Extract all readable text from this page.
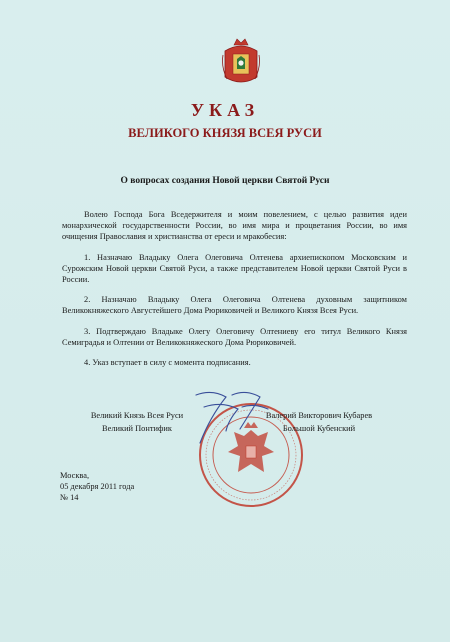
УКАЗ
ВЕЛИКОГО КНЯЗЯ ВСЕЯ РУСИ
О вопросах создания Новой церкви Святой Руси

Волею Господа Бога Вседержителя и моим повелением, с целью развития идеи монархической государственности России, во имя мира и процветания России, во имя очищения Православия и христианства от ереси и мракобесия:

1. Назначаю Владыку Олега Олеговича Олтенева архиепископом Московским и Сурожским Новой церкви Святой Руси, а также представителем Новой церкви Святой Руси в России.

2. Назначаю Владыку Олега Олеговича Олтенева духовным защитником Великокняжеского Августейшего Дома Рюриковичей и Великого Князя Всея Руси.

3. Подтверждаю Владыке Олегу Олеговичу Олтениеву его титул Великого Князя Семиградья и Олтении от Великокняжеского Дома Рюриковичей.

4. Указ вступает в силу с момента подписания.

Великий Князь Всея Руси
Великий Понтифик
Валерий Викторович Кубарев
Большой Кубенский
Москва,
05 декабря 2011 года
№ 14
